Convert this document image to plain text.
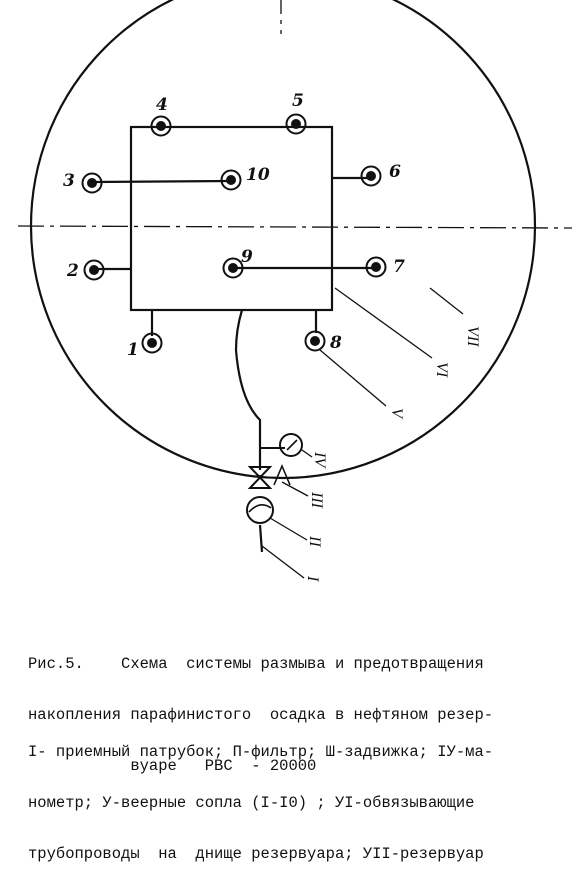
1
2
3
4	5
6
7
8
9
10
VII
VI
V
IV
III
II
I

Рис.5.    Схема  системы размыва и предотвращения

накопления парафинистого  осадка в нефтяном резер-

вуаре   РВС  - 20000

I- приемный патрубок; П-фильтр; Ш-задвижка; IУ-ма-

нометр; У-веерные сопла (I-I0) ; УI-обвязывающие

трубопроводы  на  днище резервуара; УII-резервуар
